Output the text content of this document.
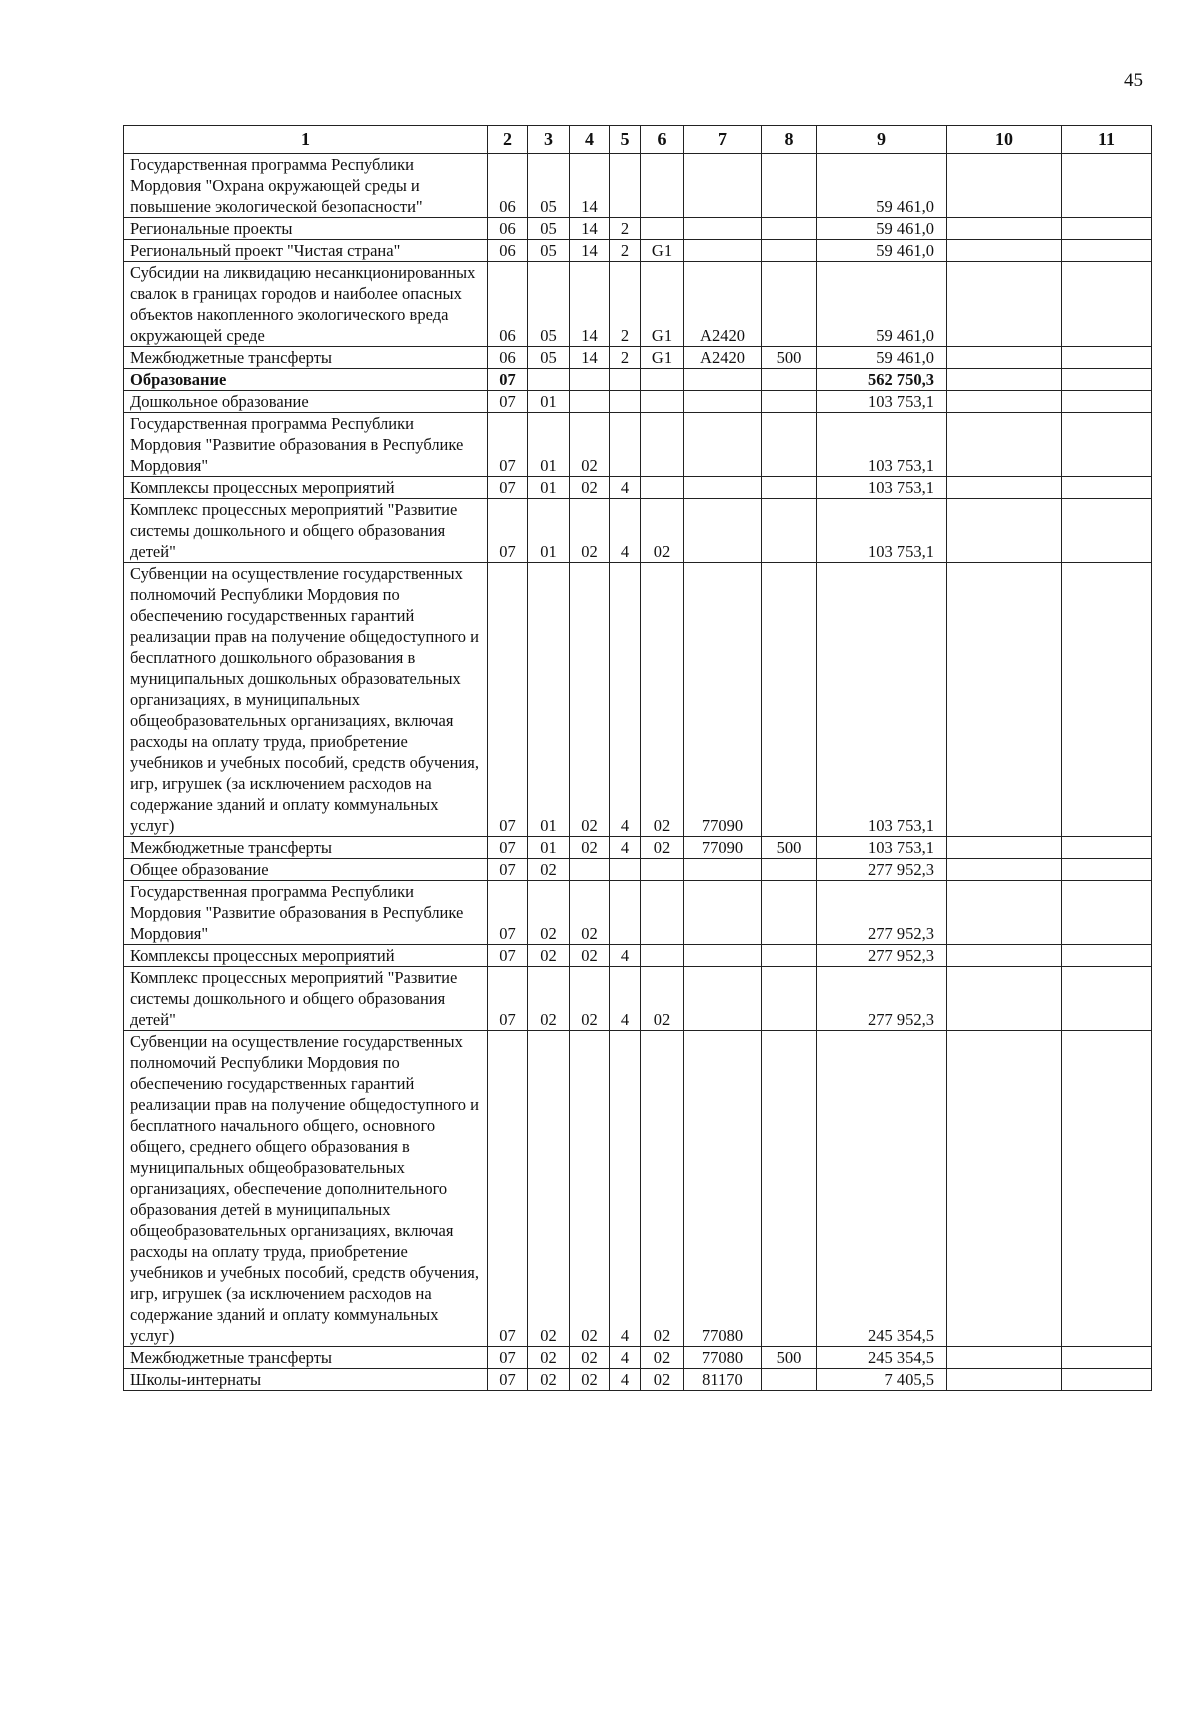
45
1	2	3	4	5	6	7	8	9	10	11
Государственная программа Республики Мордовия "Охрана окружающей среды и повышение экологической безопасности"	06	05	14					59 461,0		
Региональные проекты	06	05	14	2				59 461,0		
Региональный проект "Чистая страна"	06	05	14	2	G1			59 461,0		
Субсидии на ликвидацию несанкционированных свалок в границах городов и наиболее опасных объектов накопленного экологического вреда окружающей среде	06	05	14	2	G1	A2420		59 461,0		
Межбюджетные трансферты	06	05	14	2	G1	A2420	500	59 461,0		
Образование	07							562 750,3		
Дошкольное образование	07	01						103 753,1		
Государственная программа Республики Мордовия "Развитие образования в Республике Мордовия"	07	01	02					103 753,1		
Комплексы процессных мероприятий	07	01	02	4				103 753,1		
Комплекс процессных мероприятий "Развитие системы дошкольного и общего образования детей"	07	01	02	4	02			103 753,1		
Субвенции на осуществление государственных полномочий Республики Мордовия по обеспечению государственных гарантий реализации прав на получение общедоступного и бесплатного дошкольного образования в муниципальных дошкольных образовательных организациях, в муниципальных общеобразовательных организациях, включая расходы на оплату труда, приобретение учебников и учебных пособий, средств обучения, игр, игрушек (за исключением расходов на содержание зданий и оплату коммунальных услуг)	07	01	02	4	02	77090		103 753,1		
Межбюджетные трансферты	07	01	02	4	02	77090	500	103 753,1		
Общее образование	07	02						277 952,3		
Государственная программа Республики Мордовия "Развитие образования в Республике Мордовия"	07	02	02					277 952,3		
Комплексы процессных мероприятий	07	02	02	4				277 952,3		
Комплекс процессных мероприятий "Развитие системы дошкольного и общего образования детей"	07	02	02	4	02			277 952,3		
Субвенции на осуществление государственных полномочий Республики Мордовия по обеспечению государственных гарантий реализации прав на получение общедоступного и бесплатного начального общего, основного общего, среднего общего образования в муниципальных общеобразовательных организациях, обеспечение дополнительного образования детей в муниципальных общеобразовательных организациях, включая расходы на оплату труда, приобретение учебников и учебных пособий, средств обучения, игр, игрушек (за исключением расходов на содержание зданий и оплату коммунальных услуг)	07	02	02	4	02	77080		245 354,5		
Межбюджетные трансферты	07	02	02	4	02	77080	500	245 354,5		
Школы-интернаты	07	02	02	4	02	81170		7 405,5		
